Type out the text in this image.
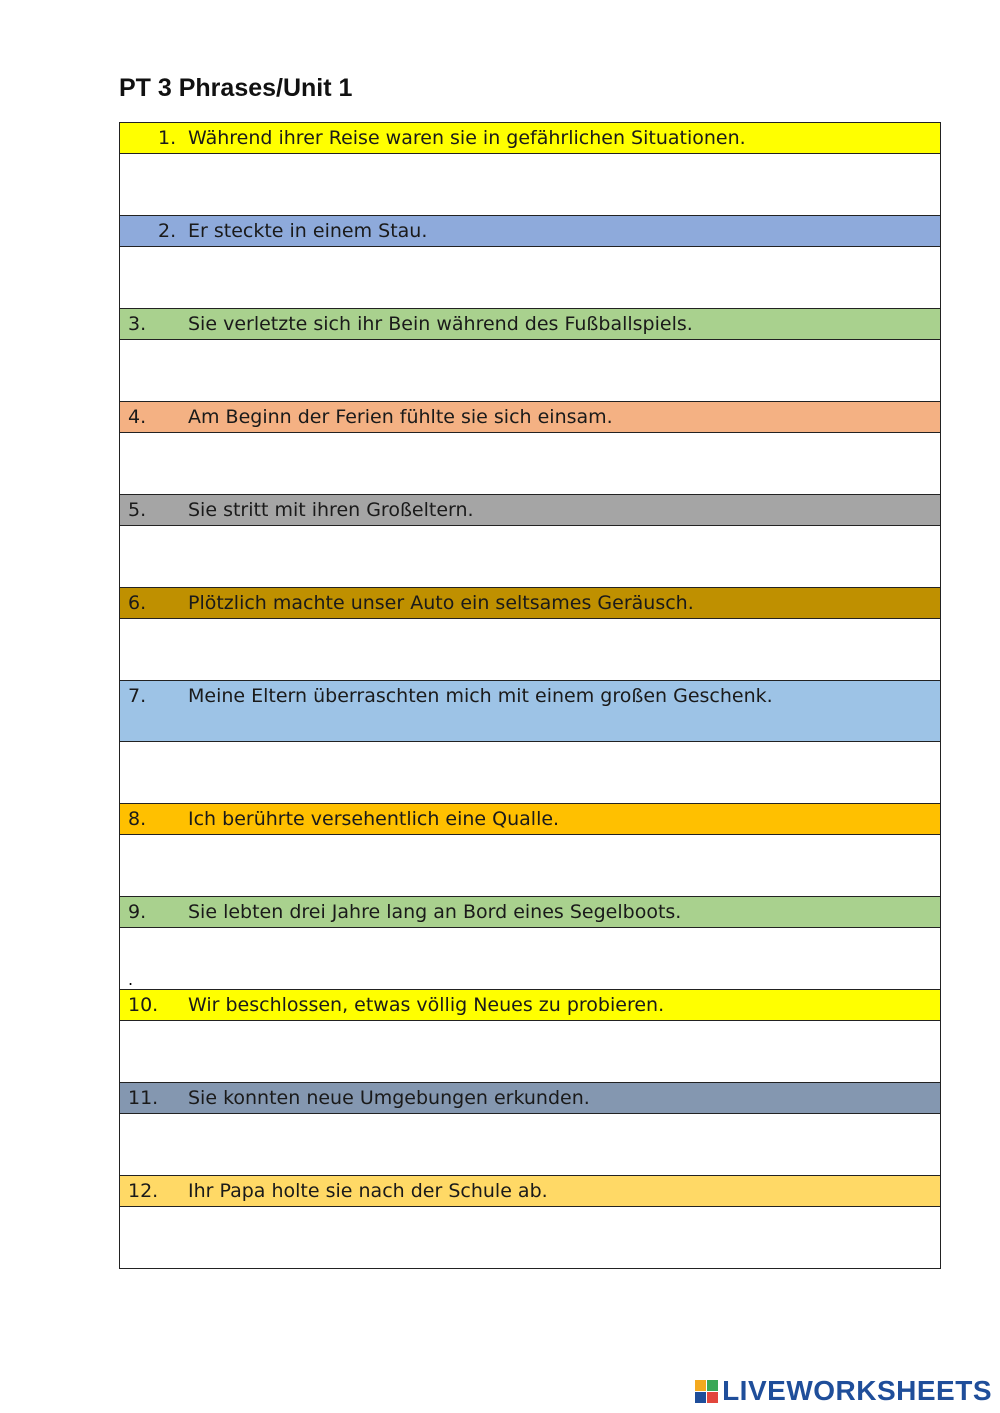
PT 3 Phrases/Unit 1
1. Während ihrer Reise waren sie in gefährlichen Situationen.

2. Er steckte in einem Stau.

3.	Sie verletzte sich ihr Bein während des Fußballspiels.

4.	Am Beginn der Ferien fühlte sie sich einsam.

5.	Sie stritt mit ihren Großeltern.

6.	Plötzlich machte unser Auto ein seltsames Geräusch.

7.	Meine Eltern überraschten mich mit einem großen Geschenk.

8.	Ich berührte versehentlich eine Qualle.

9.	Sie lebten drei Jahre lang an Bord eines Segelboots.

.

10.	Wir beschlossen, etwas völlig Neues zu probieren.

11.	Sie konnten neue Umgebungen erkunden.

12.	Ihr Papa holte sie nach der Schule ab.

LIVEWORKSHEETS
